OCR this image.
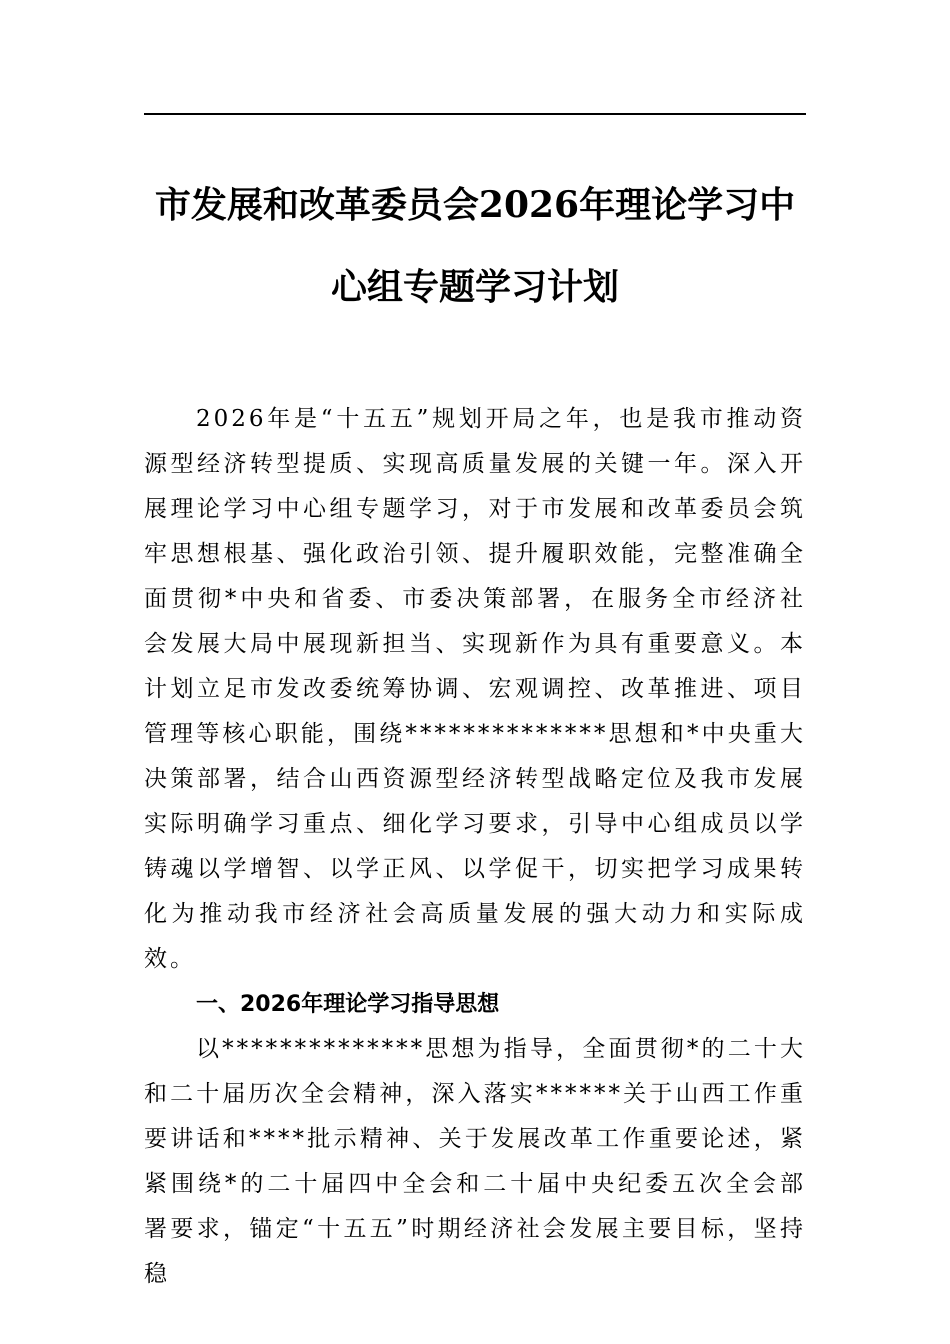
市发展和改革委员会2026年理论学习中心组专题学习计划

2026年是“十五五”规划开局之年，也是我市推动资源型经济转型提质、实现高质量发展的关键一年。深入开展理论学习中心组专题学习，对于市发展和改革委员会筑牢思想根基、强化政治引领、提升履职效能，完整准确全面贯彻*中央和省委、市委决策部署，在服务全市经济社会发展大局中展现新担当、实现新作为具有重要意义。本计划立足市发改委统筹协调、宏观调控、改革推进、项目管理等核心职能，围绕**************思想和*中央重大决策部署，结合山西资源型经济转型战略定位及我市发展实际明确学习重点、细化学习要求，引导中心组成员以学铸魂以学增智、以学正风、以学促干，切实把学习成果转化为推动我市经济社会高质量发展的强大动力和实际成效。

一、2026年理论学习指导思想

以**************思想为指导，全面贯彻*的二十大和二十届历次全会精神，深入落实******关于山西工作重要讲话和****批示精神、关于发展改革工作重要论述，紧紧围绕*的二十届四中全会和二十届中央纪委五次全会部署要求，锚定“十五五”时期经济社会发展主要目标，坚持稳
